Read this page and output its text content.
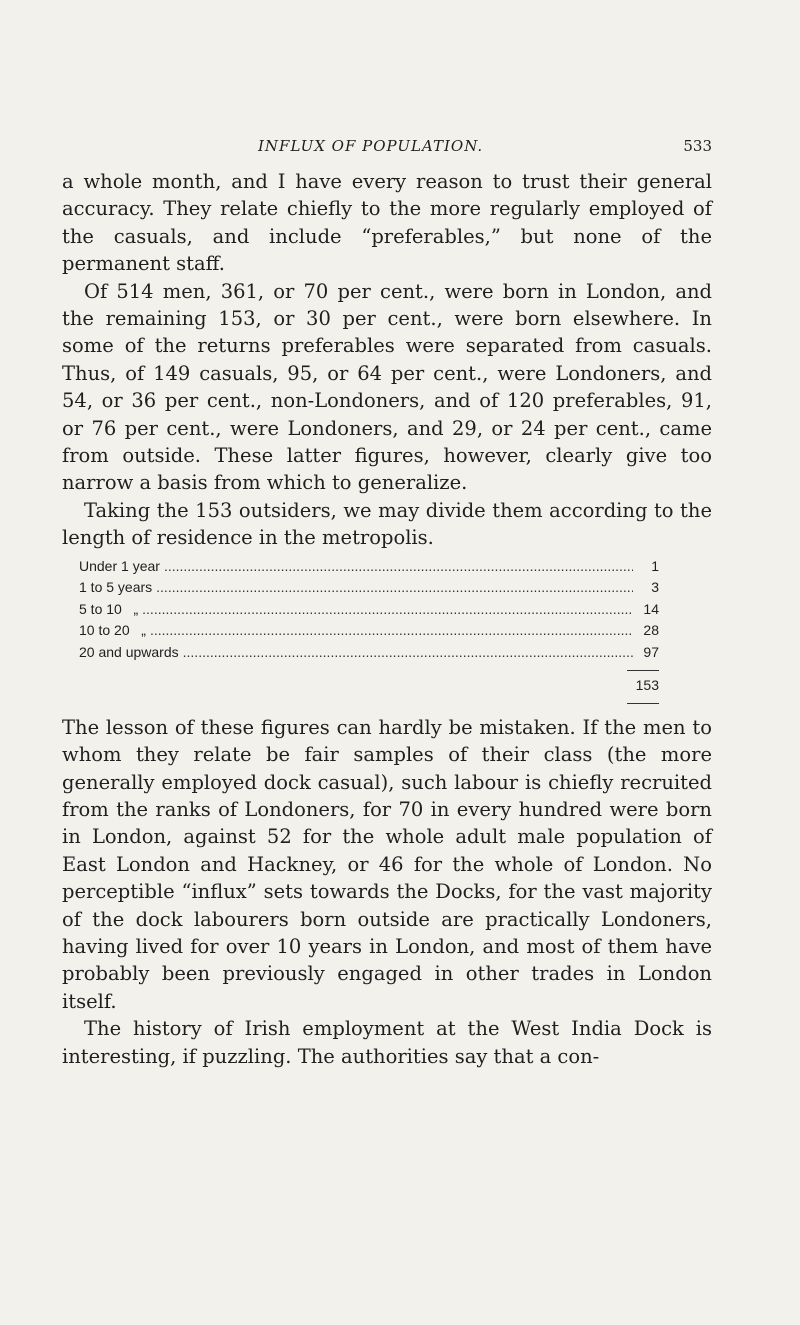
INFLUX OF POPULATION.	533

a whole month, and I have every reason to trust their general accuracy. They relate chiefly to the more regularly employed of the casuals, and include “preferables,” but none of the permanent staff.

Of 514 men, 361, or 70 per cent., were born in London, and the remaining 153, or 30 per cent., were born elsewhere. In some of the returns preferables were separated from casuals. Thus, of 149 casuals, 95, or 64 per cent., were Londoners, and 54, or 36 per cent., non-Londoners, and of 120 preferables, 91, or 76 per cent., were Londoners, and 29, or 24 per cent., came from outside. These latter figures, however, clearly give too narrow a basis from which to generalize.

Taking the 153 outsiders, we may divide them according to the length of residence in the metropolis.

Under 1 year .....	1
1 to 5 years .....	3
5 to 10   „ .....	14
10 to 20   „ .....	28
20 and upwards .....	97
153

The lesson of these figures can hardly be mistaken. If the men to whom they relate be fair samples of their class (the more generally employed dock casual), such labour is chiefly recruited from the ranks of Londoners, for 70 in every hundred were born in London, against 52 for the whole adult male population of East London and Hackney, or 46 for the whole of London. No perceptible “influx” sets towards the Docks, for the vast majority of the dock labourers born outside are practically Londoners, having lived for over 10 years in London, and most of them have probably been previously engaged in other trades in London itself.

The history of Irish employment at the West India Dock is interesting, if puzzling. The authorities say that a con-
